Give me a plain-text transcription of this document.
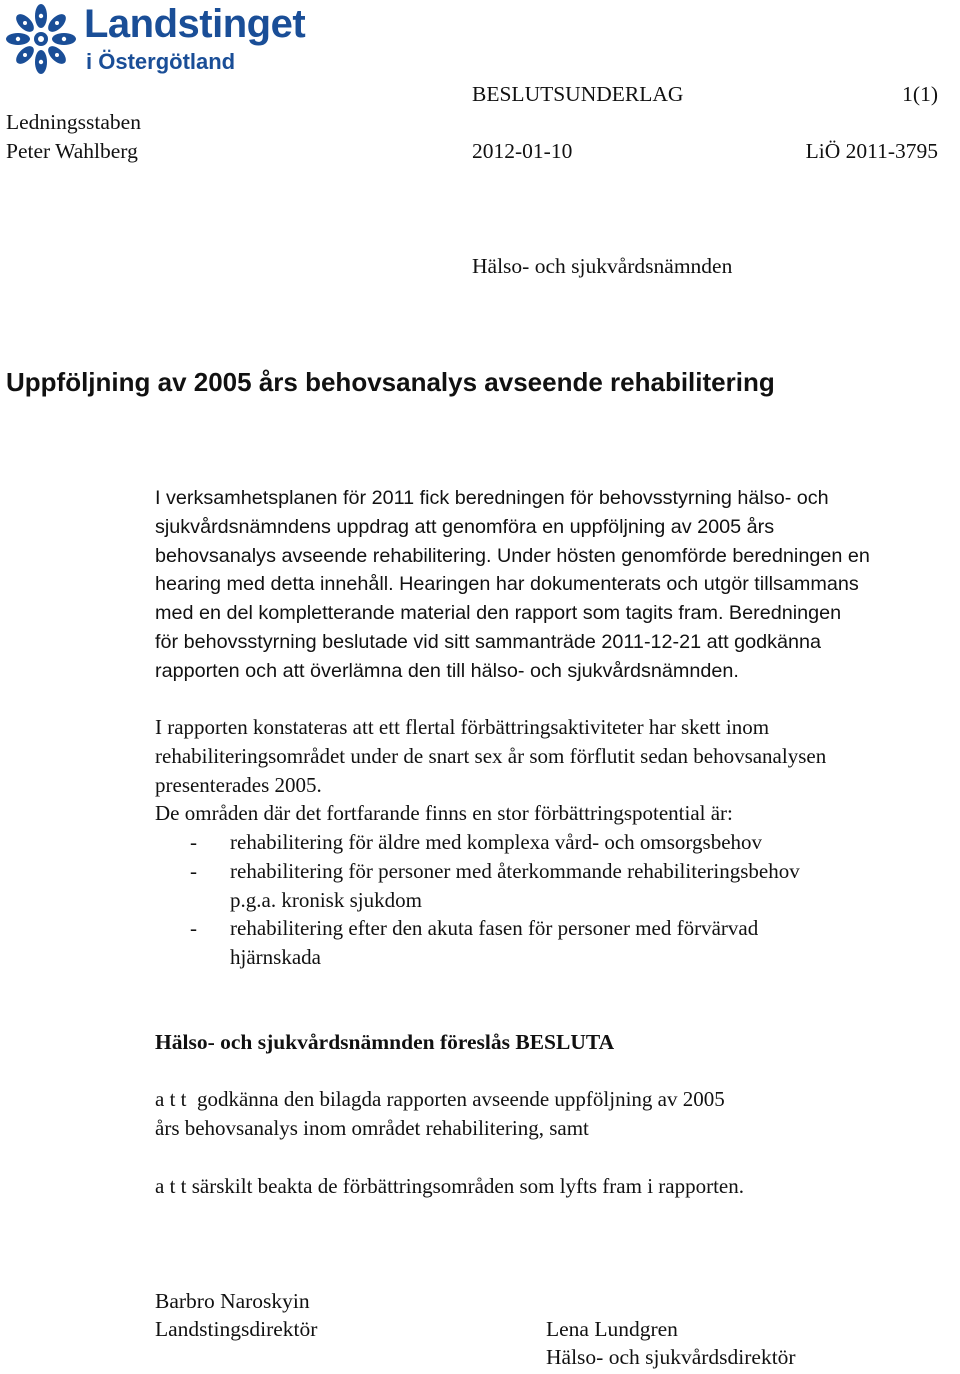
Landstinget
i Östergötland
BESLUTSUNDERLAG	1(1)
Ledningsstaben
Peter Wahlberg	2012-01-10	LiÖ 2011-3795
Hälso- och sjukvårdsnämnden
Uppföljning av 2005 års behovsanalys avseende rehabilitering
I verksamhetsplanen för 2011 fick beredningen för behovsstyrning hälso- och
sjukvårdsnämndens uppdrag att genomföra en uppföljning av 2005 års
behovsanalys avseende rehabilitering. Under hösten genomförde beredningen en
hearing med detta innehåll. Hearingen har dokumenterats och utgör tillsammans
med en del kompletterande material den rapport som tagits fram. Beredningen
för behovsstyrning beslutade vid sitt sammanträde 2011-12-21 att godkänna
rapporten och att överlämna den till hälso- och sjukvårdsnämnden.
I rapporten konstateras att ett flertal förbättringsaktiviteter har skett inom
rehabiliteringsområdet under de snart sex år som förflutit sedan behovsanalysen
presenterades 2005.
De områden där det fortfarande finns en stor förbättringspotential är:
-	rehabilitering för äldre med komplexa vård- och omsorgsbehov
-	rehabilitering för personer med återkommande rehabiliteringsbehov
p.g.a. kronisk sjukdom
-	rehabilitering efter den akuta fasen för personer med förvärvad
hjärnskada
Hälso- och sjukvårdsnämnden föreslås BESLUTA
a t t  godkänna den bilagda rapporten avseende uppföljning av 2005
års behovsanalys inom området rehabilitering, samt
a t t särskilt beakta de förbättringsområden som lyfts fram i rapporten.
Barbro Naroskyin
Landstingsdirektör	Lena Lundgren
Hälso- och sjukvårdsdirektör
